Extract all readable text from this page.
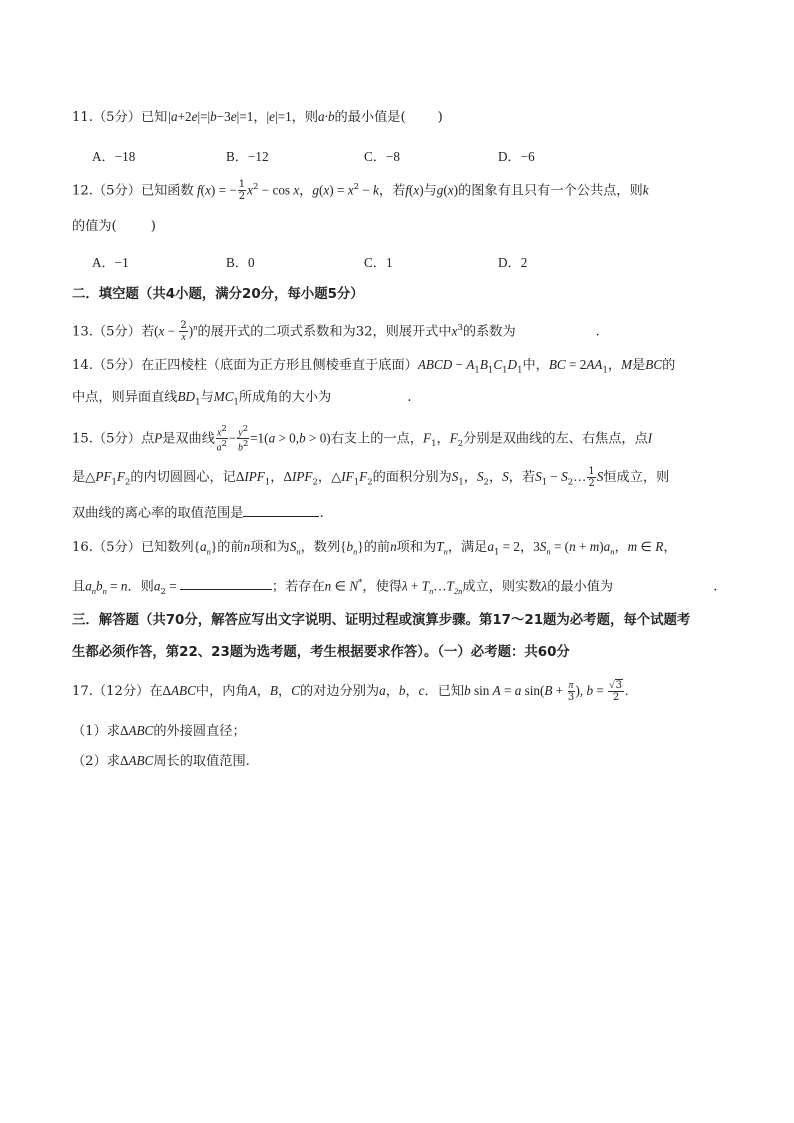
11.（5分）已知|a+2e|=|b−3e|=1，|e|=1，则a·b的最小值是( )
A．−18	B．−12	C．−8	D．−6
12.（5分）已知函数 f(x) = − $\frac{1}{2} x^2 - \cos x$，$g(x) = x^2 - k$，若f(x)与g(x)的图象有且只有一个公共点，则k
的值为(	)
A．−1	B．0	C．1	D．2
二．填空题（共4小题，满分20分，每小题5分）
13.（5分）若$(x - \frac{2}{x} )^n$的展开式的二项式系数和为32，则展开式中$x^3$的系数为	.
14.（5分）在正四棱柱（底面为正方形且侧棱垂直于底面）ABCD − $A_1B_1C_1D_1$中，BC = $2AA_1$，M是BC的
中点，则异面直线$BD_1$与$MC_1$所成角的大小为	.
15.（5分）点P是双曲线 $\frac{x^2}{a^2} - \frac{y^2}{b^2} =1(a > 0,b > 0)$右支上的一点，$F_1$，$F_2$分别是双曲线的左、右焦点，点I
是$\triangle PF_1F_2$的内切圆圆心，记$\Delta IPF_1$，$\Delta IPF_2$，$\triangle IF_1F_2$的面积分别为$S_1$，$S_2$，S，若$S_1$ − $S_2\dots \frac{1}{2}$ S恒成立，则
双曲线的离心率的取值范围是	.
16.（5分）已知数列$\{a_n\}$的前n项和为$S_n$，数列$\{b_n\}$的前n项和为$T_n$，满足$a_1 = 2$，$3S_n = (n + m)a_n$，m ∈ R，
且$a_nb_n = n$．则$a_2$ =	；若存在n ∈ N*，使得$\lambda + T_n\dots T_{2n}$成立，则实数λ的最小值为	.
三．解答题（共70分，解答应写出文字说明、证明过程或演算步骤。第17～21题为必考题，每个试题考
生都必须作答，第22、23题为选考题，考生根据要求作答）。（一）必考题：共60分
17.（12分）在ΔABC中，内角A，B，C的对边分别为a，b，c．已知b sin A = a $\sin(B + \frac{\pi}{3}$ ), $b = \frac{√3}{2}$ .
（1）求ΔABC的外接圆直径；
（2）求ΔABC周长的取值范围.
